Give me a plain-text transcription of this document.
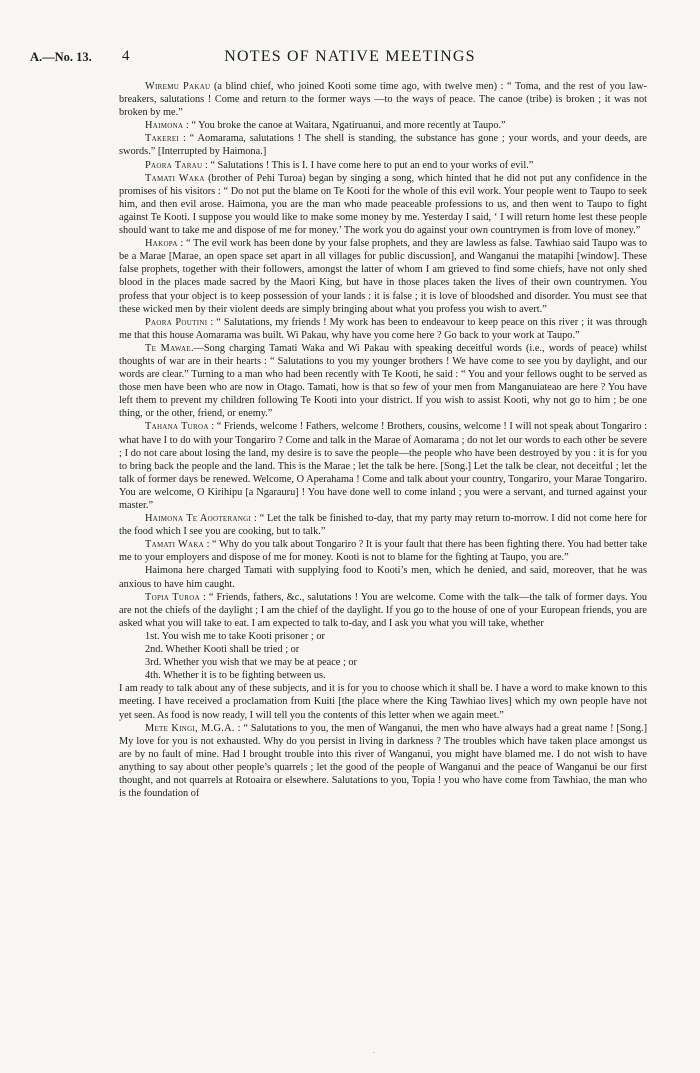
A.—No. 13. 4	NOTES OF NATIVE MEETINGS

Wiremu Pakau (a blind chief, who joined Kooti some time ago, with twelve men) : “ Toma, and the rest of you law-breakers, salutations ! Come and return to the former ways —to the ways of peace. The canoe (tribe) is broken ; it was not broken by me.”

Haimona : “ You broke the canoe at Waitara, Ngatiruanui, and more recently at Taupo.”

Takerei : “ Aomarama, salutations ! The shell is standing, the substance has gone ; your words, and your deeds, are swords.” [Interrupted by Haimona.]

Paora Tarau : “ Salutations ! This is I. I have come here to put an end to your works of evil.”

Tamati Waka (brother of Pehi Turoa) began by singing a song, which hinted that he did not put any confidence in the promises of his visitors : “ Do not put the blame on Te Kooti for the whole of this evil work. Your people went to Taupo to seek him, and then evil arose. Haimona, you are the man who made peaceable professions to us, and then went to Taupo to fight against Te Kooti. I suppose you would like to make some money by me. Yesterday I said, ‘ I will return home lest these people should want to take me and dispose of me for money.’ The work you do against your own countrymen is from love of money.”

Hakopa : “ The evil work has been done by your false prophets, and they are lawless as false. Tawhiao said Taupo was to be a Marae [Marae, an open space set apart in all villages for public discussion], and Wanganui the matapihi [window]. These false prophets, together with their followers, amongst the latter of whom I am grieved to find some chiefs, have not only shed blood in the places made sacred by the Maori King, but have in those places taken the lives of their own countrymen. You profess that your object is to keep possession of your lands : it is false ; it is love of bloodshed and disorder. You must see that these wicked men by their violent deeds are simply bringing about what you profess you wish to avert.”

Paora Poutini : “ Salutations, my friends ! My work has been to endeavour to keep peace on this river ; it was through me that this house Aomarama was built. Wi Pakau, why have you come here ? Go back to your work at Taupo.”

Te Mawae.—Song charging Tamati Waka and Wi Pakau with speaking deceitful words (i.e., words of peace) whilst thoughts of war are in their hearts : “ Salutations to you my younger brothers ! We have come to see you by daylight, and our words are clear.” Turning to a man who had been recently with Te Kooti, he said : “ You and your fellows ought to be served as those men have been who are now in Otago. Tamati, how is that so few of your men from Manganuiateao are here ? You have left them to prevent my children following Te Kooti into your district. If you wish to assist Kooti, why not go to him ; be one thing, or the other, friend, or enemy.”

Tahana Turoa : “ Friends, welcome ! Fathers, welcome ! Brothers, cousins, welcome ! I will not speak about Tongariro : what have I to do with your Tongariro ? Come and talk in the Marae of Aomarama ; do not let our words to each other be severe ; I do not care about losing the land, my desire is to save the people—the people who have been destroyed by you : it is for you to bring back the people and the land. This is the Marae ; let the talk be here. [Song.] Let the talk be clear, not deceitful ; let the talk of former days be renewed. Welcome, O Aperahama ! Come and talk about your country, Tongariro, your Marae Tongariro. You are welcome, O Kirihipu [a Ngarauru] ! You have done well to come inland ; you were a servant, and turned against your master.”

Haimona Te Aooterangi : “ Let the talk be finished to-day, that my party may return to-morrow. I did not come here for the food which I see you are cooking, but to talk.”

Tamati Waka : “ Why do you talk about Tongariro ? It is your fault that there has been fighting there. You had better take me to your employers and dispose of me for money. Kooti is not to blame for the fighting at Taupo, you are.”

Haimona here charged Tamati with supplying food to Kooti’s men, which he denied, and said, moreover, that he was anxious to have him caught.

Topia Turoa : “ Friends, fathers, &c., salutations ! You are welcome. Come with the talk—the talk of former days. You are not the chiefs of the daylight ; I am the chief of the daylight. If you go to the house of one of your European friends, you are asked what you will take to eat. I am expected to talk to-day, and I ask you what you will take, whether

1st. You wish me to take Kooti prisoner ; or

2nd. Whether Kooti shall be tried ; or

3rd. Whether you wish that we may be at peace ; or

4th. Whether it is to be fighting between us.

I am ready to talk about any of these subjects, and it is for you to choose which it shall be. I have a word to make known to this meeting. I have received a proclamation from Kuiti [the place where the King Tawhiao lives] which my own people have not yet seen. As food is now ready, I will tell you the contents of this letter when we again meet.”

Mete Kingi, M.G.A. : “ Salutations to you, the men of Wanganui, the men who have always had a great name ! [Song.] My love for you is not exhausted. Why do you persist in living in darkness ? The troubles which have taken place amongst us are by no fault of mine. Had I brought trouble into this river of Wanganui, you might have blamed me. I do not wish to have anything to say about other people’s quarrels ; let the good of the people of Wanganui and the peace of Wanganui be our first thought, and not quarrels at Rotoaira or elsewhere. Salutations to you, Topia ! you who have come from Tawhiao, the man who is the foundation of

.
